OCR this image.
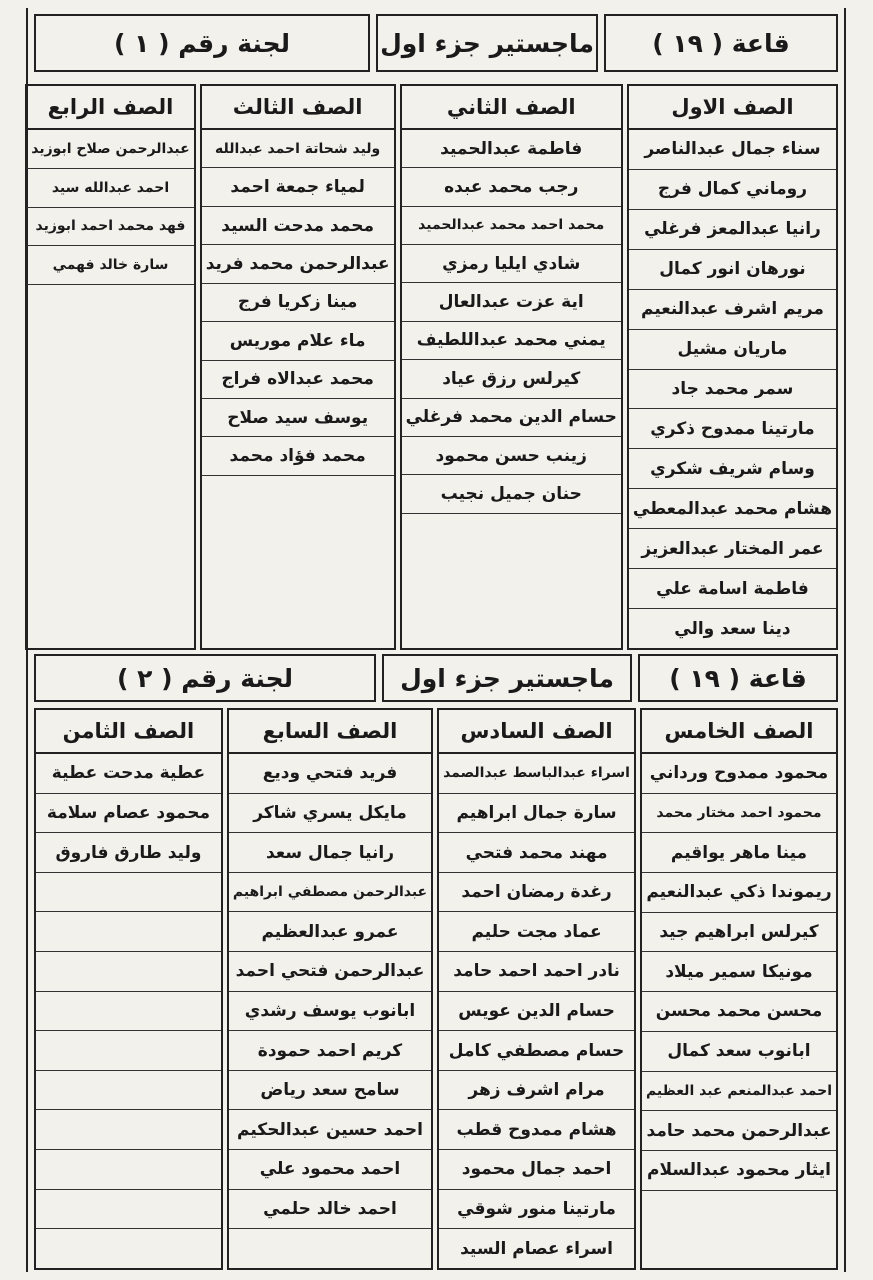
قاعة ( ١٩ )
ماجستير جزء اول
لجنة رقم ( ١ )
الصف الاول
سناء جمال عبدالناصر
روماني كمال فرج
رانيا عبدالمعز فرغلي
نورهان انور كمال
مريم اشرف عبدالنعيم
ماريان مشيل
سمر محمد جاد
مارتينا ممدوح ذكري
وسام شريف شكري
هشام محمد عبدالمعطي
عمر المختار عبدالعزيز
فاطمة اسامة علي
دينا سعد والي
الصف الثاني
فاطمة عبدالحميد
رجب محمد عبده
محمد احمد محمد عبدالحميد
شادي ايليا رمزي
اية عزت عبدالعال
يمني محمد عبداللطيف
كيرلس رزق عياد
حسام الدين محمد فرغلي
زينب حسن محمود
حنان جميل نجيب
الصف الثالث
وليد شحاتة احمد عبدالله
لمياء جمعة احمد
محمد مدحت السيد
عبدالرحمن محمد فريد
مينا زكريا فرج
ماء علام موريس
محمد عبدالاه فراج
يوسف سيد صلاح
محمد فؤاد محمد
الصف الرابع
عبدالرحمن صلاح ابوزيد
احمد عبدالله سيد
فهد محمد احمد ابوزيد
سارة خالد فهمي
قاعة ( ١٩ )
ماجستير جزء اول
لجنة رقم ( ٢ )
الصف الخامس
محمود ممدوح ورداني
محمود احمد مختار محمد
مينا ماهر يواقيم
ريموندا ذكي عبدالنعيم
كيرلس ابراهيم جيد
مونيكا سمير ميلاد
محسن محمد محسن
ابانوب سعد كمال
احمد عبدالمنعم عبد العظيم
عبدالرحمن محمد حامد
ايثار محمود عبدالسلام
الصف السادس
اسراء عبدالباسط عبدالصمد
سارة جمال ابراهيم
مهند محمد فتحي
رغدة رمضان احمد
عماد مجت حليم
نادر احمد احمد حامد
حسام الدين عويس
حسام مصطفي كامل
مرام اشرف زهر
هشام ممدوح قطب
احمد جمال محمود
مارتينا منور شوقي
اسراء عصام السيد
الصف السابع
فريد فتحي وديع
مايكل يسري شاكر
رانيا جمال سعد
عبدالرحمن مصطفي ابراهيم
عمرو عبدالعظيم
عبدالرحمن فتحي احمد
ابانوب يوسف رشدي
كريم احمد حمودة
سامح سعد رياض
احمد حسين عبدالحكيم
احمد محمود علي
احمد خالد حلمي
الصف الثامن
عطية مدحت عطية
محمود عصام سلامة
وليد طارق فاروق
